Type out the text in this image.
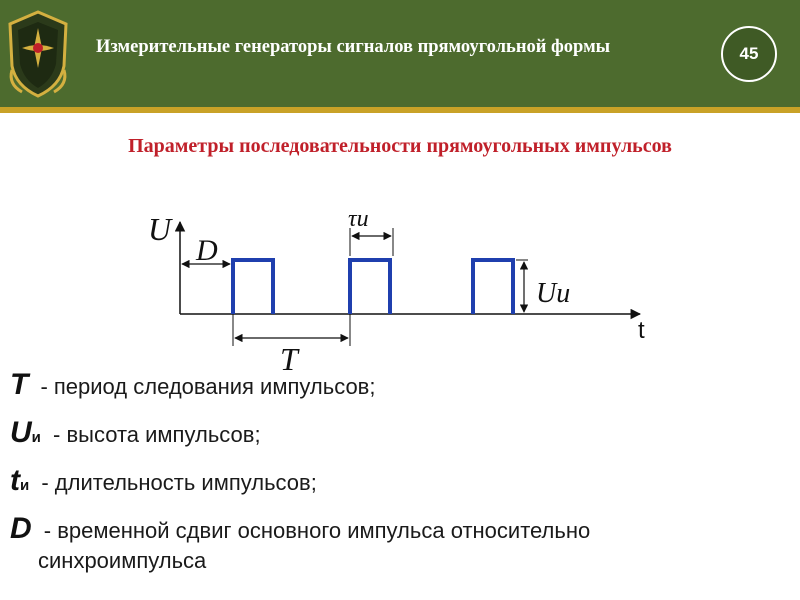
Измерительные генераторы сигналов прямоугольной формы	45
Параметры последовательности прямоугольных импульсов
U
t
D
τи
Uи
T
T - период следования импульсов;
Uи - высота импульсов;
tи - длительность импульсов;
D - временной сдвиг основного импульса относительно
синхроимпульса
